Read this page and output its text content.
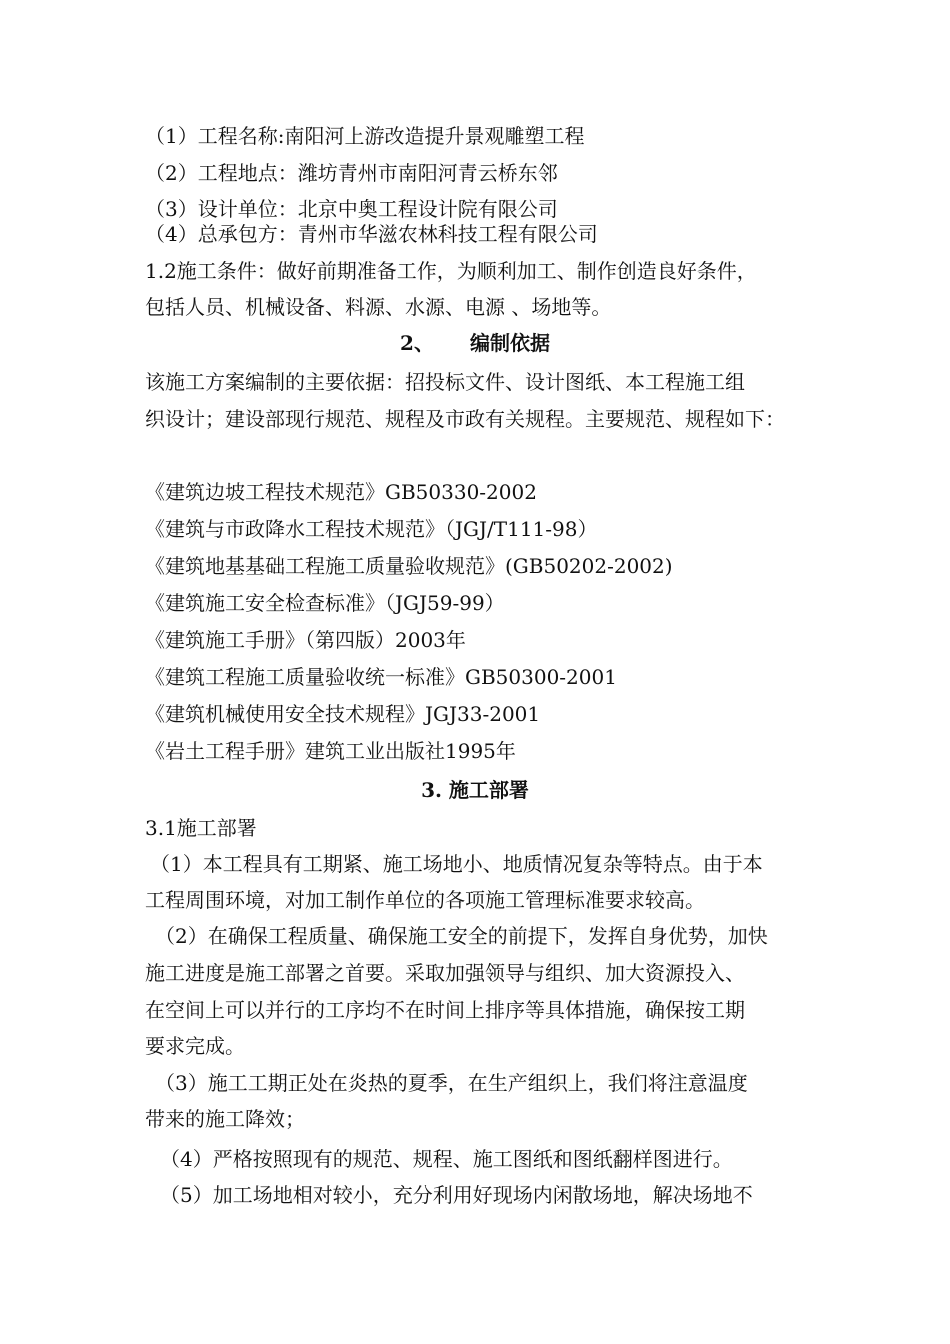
（1）工程名称:南阳河上游改造提升景观雕塑工程
（2）工程地点：潍坊青州市南阳河青云桥东邻
（3）设计单位：北京中奥工程设计院有限公司
（4）总承包方：青州市华滋农林科技工程有限公司
1.2施工条件：做好前期准备工作，为顺利加工、制作创造良好条件，
包括人员、机械设备、料源、水源、电源 、场地等。
2、 编制依据
该施工方案编制的主要依据：招投标文件、设计图纸、本工程施工组
织设计；建设部现行规范、规程及市政有关规程。主要规范、规程如下：
《建筑边坡工程技术规范》GB50330-2002
《建筑与市政降水工程技术规范》（JGJ/T111-98）
《建筑地基基础工程施工质量验收规范》(GB50202-2002)
《建筑施工安全检查标准》（JGJ59-99）
《建筑施工手册》（第四版）2003年
《建筑工程施工质量验收统一标准》GB50300-2001
《建筑机械使用安全技术规程》JGJ33-2001
《岩土工程手册》建筑工业出版社1995年
3. 施工部署
3.1施工部署
（1）本工程具有工期紧、施工场地小、地质情况复杂等特点。由于本
工程周围环境，对加工制作单位的各项施工管理标准要求较高。
（2）在确保工程质量、确保施工安全的前提下，发挥自身优势，加快
施工进度是施工部署之首要。采取加强领导与组织、加大资源投入、
在空间上可以并行的工序均不在时间上排序等具体措施，确保按工期
要求完成。
（3）施工工期正处在炎热的夏季，在生产组织上，我们将注意温度
带来的施工降效；
（4）严格按照现有的规范、规程、施工图纸和图纸翻样图进行。
（5）加工场地相对较小，充分利用好现场内闲散场地，解决场地不
